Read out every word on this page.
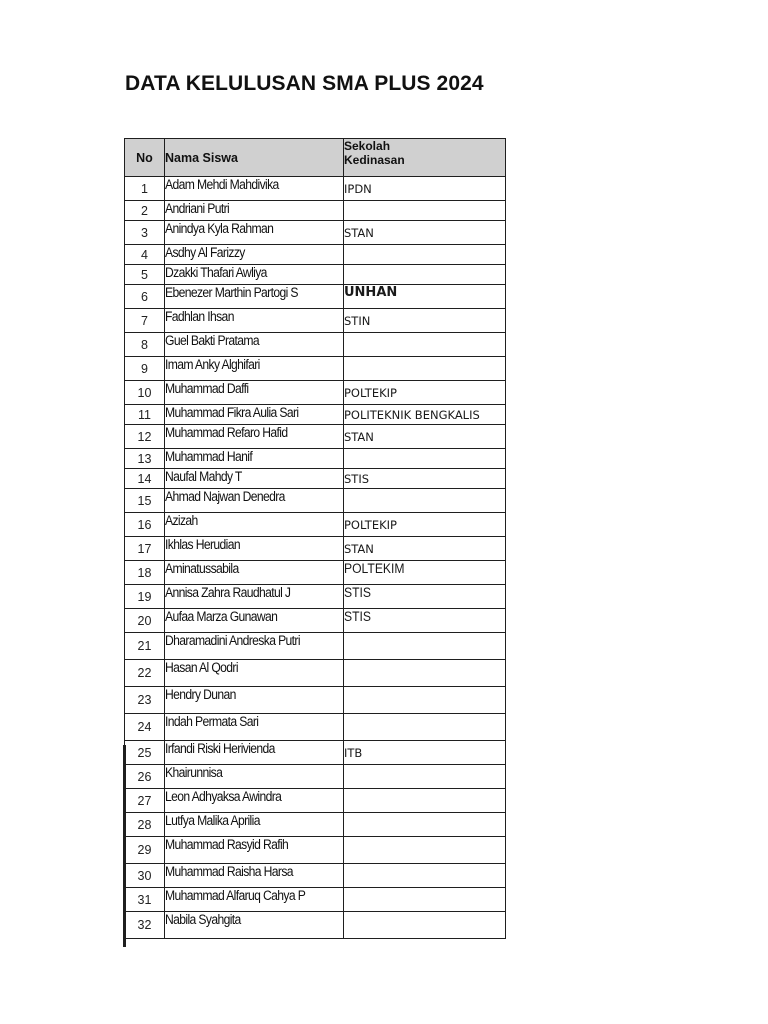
DATA KELULUSAN SMA PLUS 2024
No	Nama Siswa	Sekolah Kedinasan

1	Adam Mehdi Mahdivika	IPDN
2	Andriani Putri	
3	Anindya Kyla Rahman	STAN
4	Asdhy Al Farizzy	
5	Dzakki Thafari Awliya	
6	Ebenezer Marthin Partogi S	UNHAN
7	Fadhlan Ihsan	STIN
8	Guel Bakti Pratama	
9	Imam Anky Alghifari	
10	Muhammad Daffi	POLTEKIP
11	Muhammad Fikra Aulia Sari	POLITEKNIK BENGKALIS
12	Muhammad Refaro Hafid	STAN
13	Muhammad Hanif	
14	Naufal Mahdy T	STIS
15	Ahmad Najwan Denedra	
16	Azizah	POLTEKIP
17	Ikhlas Herudian	STAN
18	Aminatussabila	POLTEKIM
19	Annisa Zahra Raudhatul J	STIS
20	Aufaa Marza Gunawan	STIS
21	Dharamadini Andreska Putri	
22	Hasan Al Qodri	
23	Hendry Dunan	
24	Indah Permata Sari	
25	Irfandi Riski Herivienda	ITB
26	Khairunnisa	
27	Leon Adhyaksa Awindra	
28	Lutfya Malika Aprilia	
29	Muhammad Rasyid Rafih	
30	Muhammad Raisha Harsa	
31	Muhammad Alfaruq Cahya P	
32	Nabila Syahgita	
